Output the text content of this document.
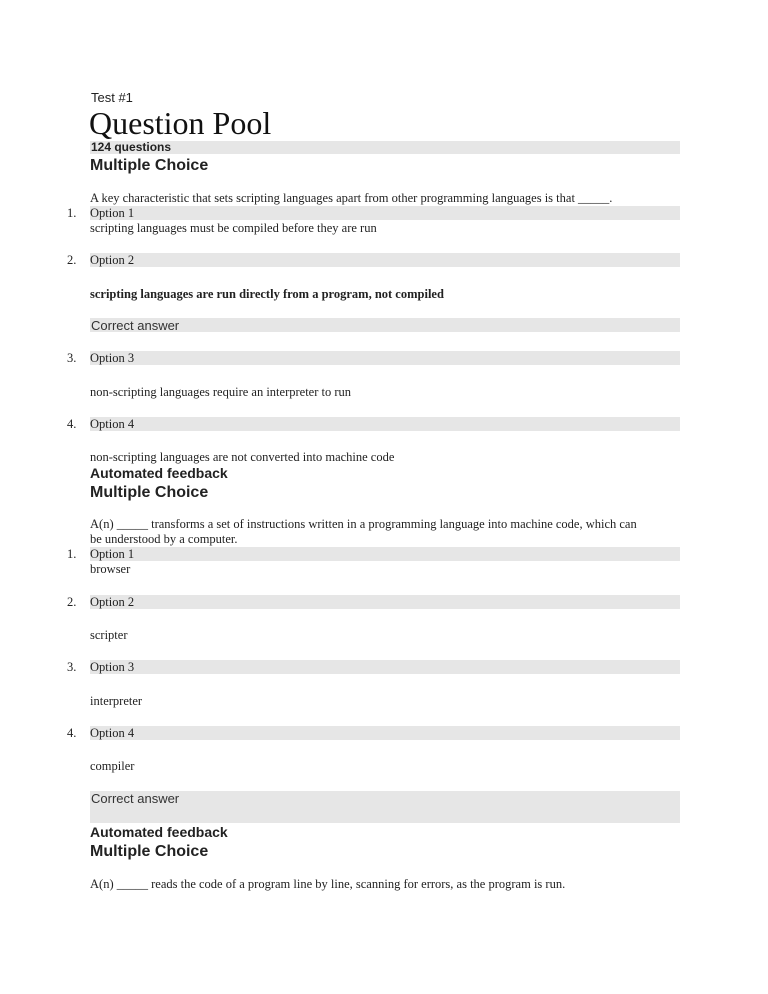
Test #1
Question Pool
124 questions
Multiple Choice
A key characteristic that sets scripting languages apart from other programming languages is that _____.
1. Option 1
scripting languages must be compiled before they are run
2. Option 2
scripting languages are run directly from a program, not compiled
Correct answer
3. Option 3
non-scripting languages require an interpreter to run
4. Option 4
non-scripting languages are not converted into machine code
Automated feedback
Multiple Choice
A(n) _____ transforms a set of instructions written in a programming language into machine code, which can
be understood by a computer.
1. Option 1
browser
2. Option 2
scripter
3. Option 3
interpreter
4. Option 4
compiler
Correct answer
Automated feedback
Multiple Choice
A(n) _____ reads the code of a program line by line, scanning for errors, as the program is run.
